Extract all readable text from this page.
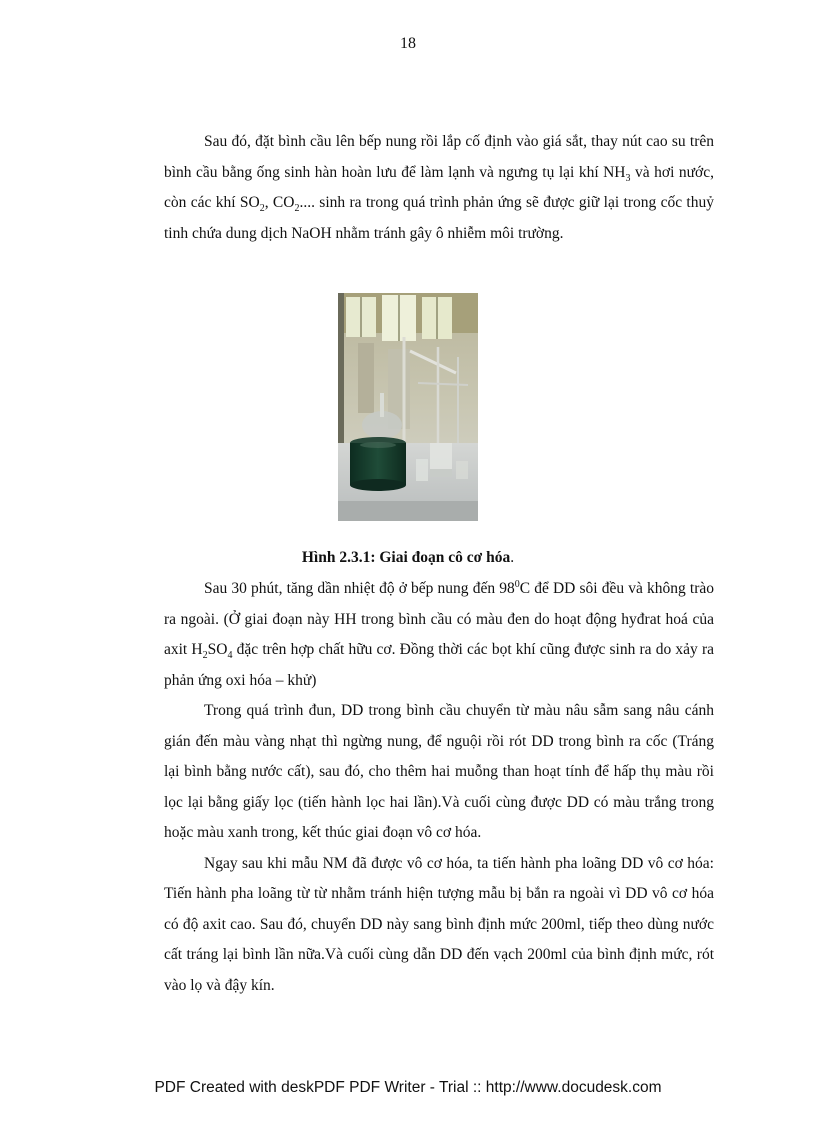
18

Sau đó, đặt bình cầu lên bếp nung rồi lắp cố định vào giá sắt, thay nút cao su trên bình cầu bằng ống sinh hàn hoàn lưu để làm lạnh và ngưng tụ lại khí $NH_3$ và hơi nước, còn các khí $SO_2$, $CO_2$.... sinh ra trong quá trình phản ứng sẽ được giữ lại trong cốc thuỷ tinh chứa dung dịch NaOH nhằm tránh gây ô nhiễm môi trường.

Hình 2.3.1: Giai đoạn cô cơ hóa.

Sau 30 phút, tăng dần nhiệt độ ở bếp nung đến $98^0C$ để DD sôi đều và không trào ra ngoài. (Ở giai đoạn này HH trong bình cầu có màu đen do hoạt động hyđrat hoá của axit $H_2SO_4$ đặc trên hợp chất hữu cơ. Đồng thời các bọt khí cũng được sinh ra do xảy ra phản ứng oxi hóa – khử)

Trong quá trình đun, DD trong bình cầu chuyển từ màu nâu sẫm sang nâu cánh gián đến màu vàng nhạt thì ngừng nung, để nguội rồi rót DD trong bình ra cốc (Tráng lại bình bằng nước cất), sau đó, cho thêm hai muỗng than hoạt tính để hấp thụ màu rồi lọc lại bằng giấy lọc (tiến hành lọc hai lần).Và cuối cùng được DD có màu trắng trong hoặc màu xanh trong, kết thúc giai đoạn vô cơ hóa.

Ngay sau khi mẫu NM đã được vô cơ hóa, ta tiến hành pha loãng DD vô cơ hóa: Tiến hành pha loãng từ từ nhằm tránh hiện tượng mẫu bị bắn ra ngoài vì DD vô cơ hóa có độ axit cao. Sau đó, chuyển DD này sang bình định mức 200ml, tiếp theo dùng nước cất tráng lại bình lần nữa.Và cuối cùng dẫn DD đến vạch 200ml của bình định mức, rót vào lọ và đậy kín.

PDF Created with deskPDF PDF Writer - Trial :: http://www.docudesk.com
